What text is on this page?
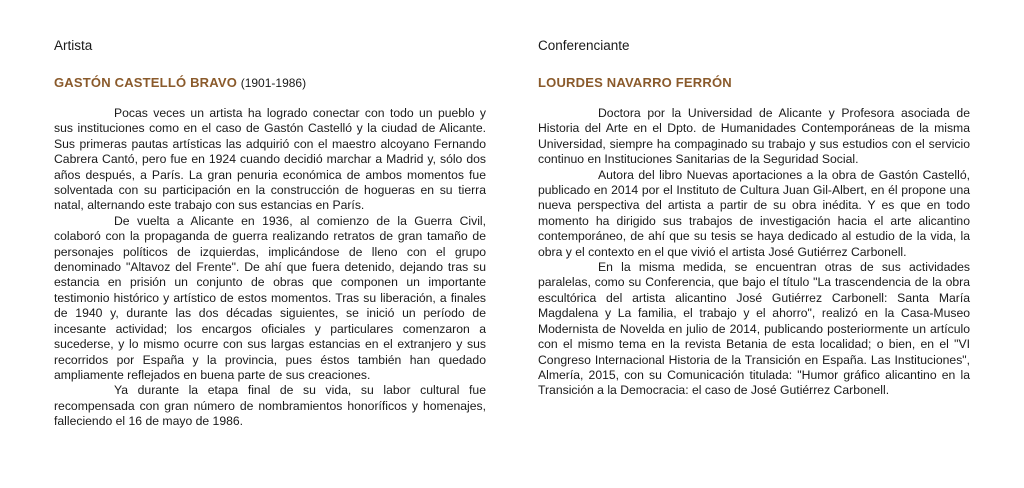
Artista
GASTÓN CASTELLÓ BRAVO (1901-1986)

Pocas veces un artista ha logrado conectar con todo un pueblo y sus instituciones como en el caso de Gastón Castelló y la ciudad de Alicante. Sus primeras pautas artísticas las adquirió con el maestro alcoyano Fernando Cabrera Cantó, pero fue en 1924 cuando decidió marchar a Madrid y, sólo dos años después, a París. La gran penuria económica de ambos momentos fue solventada con su participación en la construcción de hogueras en su tierra natal, alternando este trabajo con sus estancias en París.

De vuelta a Alicante en 1936, al comienzo de la Guerra Civil, colaboró con la propaganda de guerra realizando retratos de gran tamaño de personajes políticos de izquierdas, implicándose de lleno con el grupo denominado "Altavoz del Frente". De ahí que fuera detenido, dejando tras su estancia en prisión un conjunto de obras que componen un importante testimonio histórico y artístico de estos momentos. Tras su liberación, a finales de 1940 y, durante las dos décadas siguientes, se inició un período de incesante actividad; los encargos oficiales y particulares comenzaron a sucederse, y lo mismo ocurre con sus largas estancias en el extranjero y sus recorridos por España y la provincia, pues éstos también han quedado ampliamente reflejados en buena parte de sus creaciones.

Ya durante la etapa final de su vida, su labor cultural fue recompensada con gran número de nombramientos honoríficos y homenajes, falleciendo el 16 de mayo de 1986.

Conferenciante
LOURDES NAVARRO FERRÓN

Doctora por la Universidad de Alicante y Profesora asociada de Historia del Arte en el Dpto. de Humanidades Contemporáneas de la misma Universidad, siempre ha compaginado su trabajo y sus estudios con el servicio continuo en Instituciones Sanitarias de la Seguridad Social.

Autora del libro Nuevas aportaciones a la obra de Gastón Castelló, publicado en 2014 por el Instituto de Cultura Juan Gil-Albert, en él propone una nueva perspectiva del artista a partir de su obra inédita. Y es que en todo momento ha dirigido sus trabajos de investigación hacia el arte alicantino contemporáneo, de ahí que su tesis se haya dedicado al estudio de la vida, la obra y el contexto en el que vivió el artista José Gutiérrez Carbonell.

En la misma medida, se encuentran otras de sus actividades paralelas, como su Conferencia, que bajo el título "La trascendencia de la obra escultórica del artista alicantino José Gutiérrez Carbonell: Santa María Magdalena y La familia, el trabajo y el ahorro", realizó en la Casa-Museo Modernista de Novelda en julio de 2014, publicando posteriormente un artículo con el mismo tema en la revista Betania de esta localidad; o bien, en el "VI Congreso Internacional Historia de la Transición en España. Las Instituciones", Almería, 2015, con su Comunicación titulada: "Humor gráfico alicantino en la Transición a la Democracia: el caso de José Gutiérrez Carbonell.
